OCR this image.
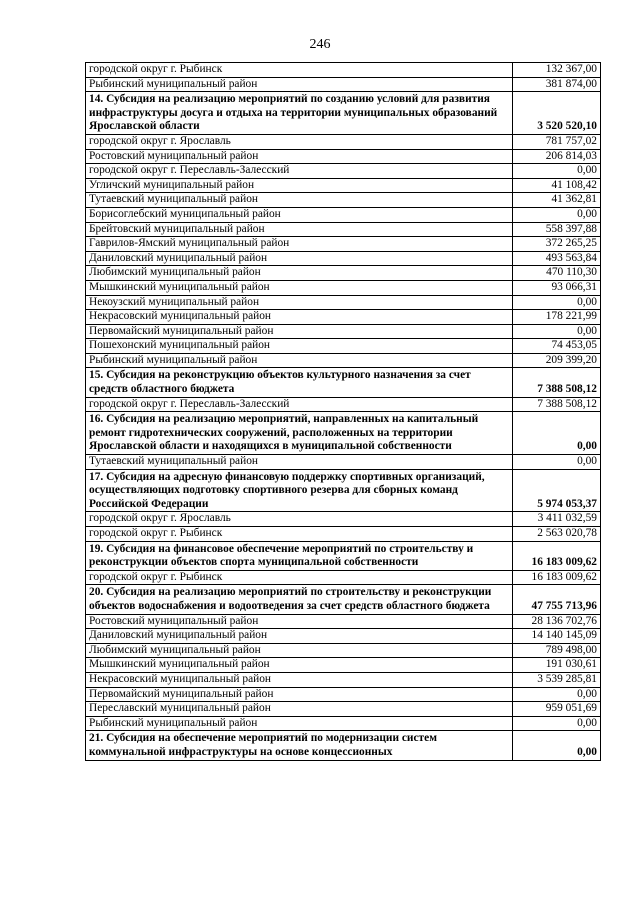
246
городской округ г. Рыбинск	132 367,00
Рыбинский муниципальный район	381 874,00
14. Субсидия на реализацию мероприятий по созданию условий для развития инфраструктуры досуга и отдыха на территории муниципальных образований Ярославской области	3 520 520,10
городской округ г. Ярославль	781 757,02
Ростовский муниципальный район	206 814,03
городской округ г. Переславль-Залесский	0,00
Угличский муниципальный район	41 108,42
Тутаевский муниципальный район	41 362,81
Борисоглебский муниципальный район	0,00
Брейтовский муниципальный район	558 397,88
Гаврилов-Ямский муниципальный район	372 265,25
Даниловский муниципальный район	493 563,84
Любимский муниципальный район	470 110,30
Мышкинский муниципальный район	93 066,31
Некоузский муниципальный район	0,00
Некрасовский муниципальный район	178 221,99
Первомайский муниципальный район	0,00
Пошехонский муниципальный район	74 453,05
Рыбинский муниципальный район	209 399,20
15. Субсидия на реконструкцию объектов культурного назначения за счет средств областного бюджета	7 388 508,12
городской округ г. Переславль-Залесский	7 388 508,12
16. Субсидия на реализацию мероприятий, направленных на капитальный ремонт гидротехнических сооружений, расположенных на территории Ярославской области и находящихся в муниципальной собственности	0,00
Тутаевский муниципальный район	0,00
17. Субсидия на адресную финансовую поддержку спортивных организаций, осуществляющих подготовку спортивного резерва для сборных команд Российской Федерации	5 974 053,37
городской округ г. Ярославль	3 411 032,59
городской округ г. Рыбинск	2 563 020,78
19. Субсидия на финансовое обеспечение мероприятий по строительству и реконструкции объектов спорта муниципальной собственности	16 183 009,62
городской округ г. Рыбинск	16 183 009,62
20. Субсидия на реализацию мероприятий по строительству и реконструкции объектов водоснабжения и водоотведения за счет средств областного бюджета	47 755 713,96
Ростовский муниципальный район	28 136 702,76
Даниловский муниципальный район	14 140 145,09
Любимский муниципальный район	789 498,00
Мышкинский муниципальный район	191 030,61
Некрасовский муниципальный район	3 539 285,81
Первомайский муниципальный район	0,00
Переславский муниципальный район	959 051,69
Рыбинский муниципальный район	0,00
21. Субсидия на обеспечение мероприятий по модернизации систем коммунальной инфраструктуры на основе концессионных	0,00
